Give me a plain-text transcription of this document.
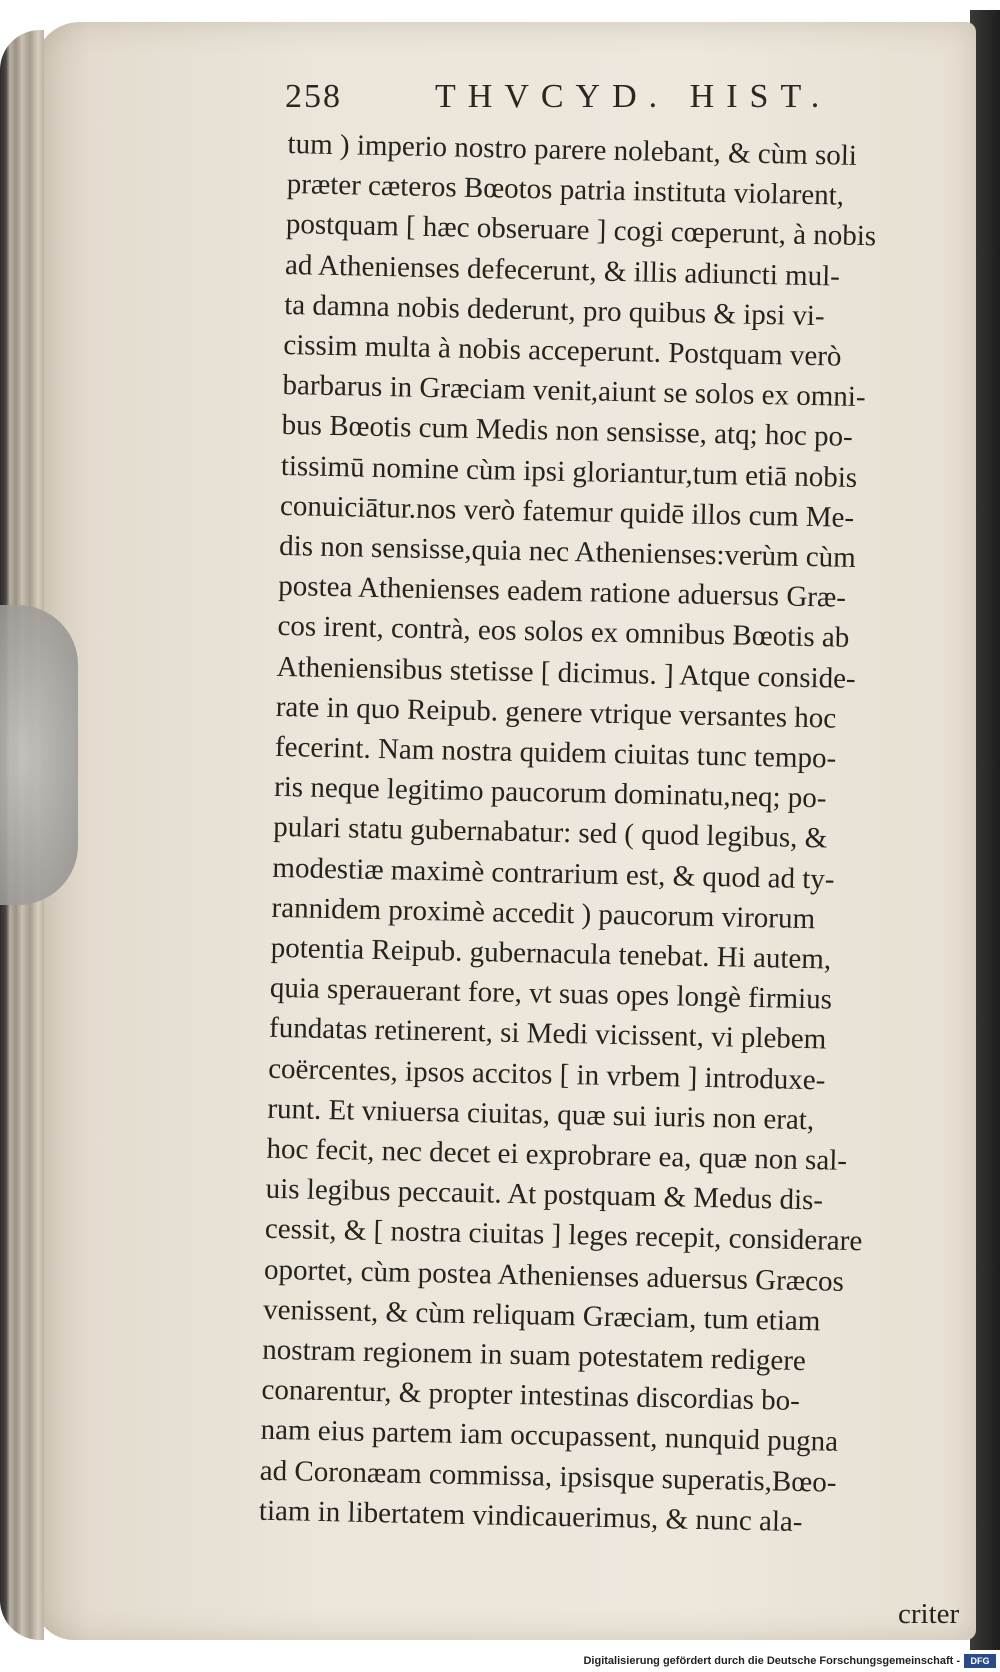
258	THVCYD. HIST.
tum ) imperio nostro parere nolebant, & cùm soli
præter cæteros Bœotos patria instituta violarent,
postquam [ hæc obseruare ] cogi cœperunt, à nobis
ad Athenienses defecerunt, & illis adiuncti mul-
ta damna nobis dederunt, pro quibus & ipsi vi-
cissim multa à nobis acceperunt. Postquam verò
barbarus in Græciam venit,aiunt se solos ex omni-
bus Bœotis cum Medis non sensisse, atq; hoc po-
tissimū nomine cùm ipsi gloriantur,tum etiā nobis
conuiciātur.nos verò fatemur quidē illos cum Me-
dis non sensisse,quia nec Athenienses:verùm cùm
postea Athenienses eadem ratione aduersus Græ-
cos irent, contrà, eos solos ex omnibus Bœotis ab
Atheniensibus stetisse [ dicimus. ] Atque conside-
rate in quo Reipub. genere vtrique versantes hoc
fecerint. Nam nostra quidem ciuitas tunc tempo-
ris neque legitimo paucorum dominatu,neq; po-
pulari statu gubernabatur: sed ( quod legibus, &
modestiæ maximè contrarium est, & quod ad ty-
rannidem proximè accedit ) paucorum virorum
potentia Reipub. gubernacula tenebat. Hi autem,
quia sperauerant fore, vt suas opes longè firmius
fundatas retinerent, si Medi vicissent, vi plebem
coërcentes, ipsos accitos [ in vrbem ] introduxe-
runt. Et vniuersa ciuitas, quæ sui iuris non erat,
hoc fecit, nec decet ei exprobrare ea, quæ non sal-
uis legibus peccauit. At postquam & Medus dis-
cessit, & [ nostra ciuitas ] leges recepit, considerare
oportet, cùm postea Athenienses aduersus Græcos
venissent, & cùm reliquam Græciam, tum etiam
nostram regionem in suam potestatem redigere
conarentur, & propter intestinas discordias bo-
nam eius partem iam occupassent, nunquid pugna
ad Coronæam commissa, ipsisque superatis,Bœo-
tiam in libertatem vindicauerimus, & nunc ala-
criter
Digitalisierung gefördert durch die Deutsche Forschungsgemeinschaft -	DFG
